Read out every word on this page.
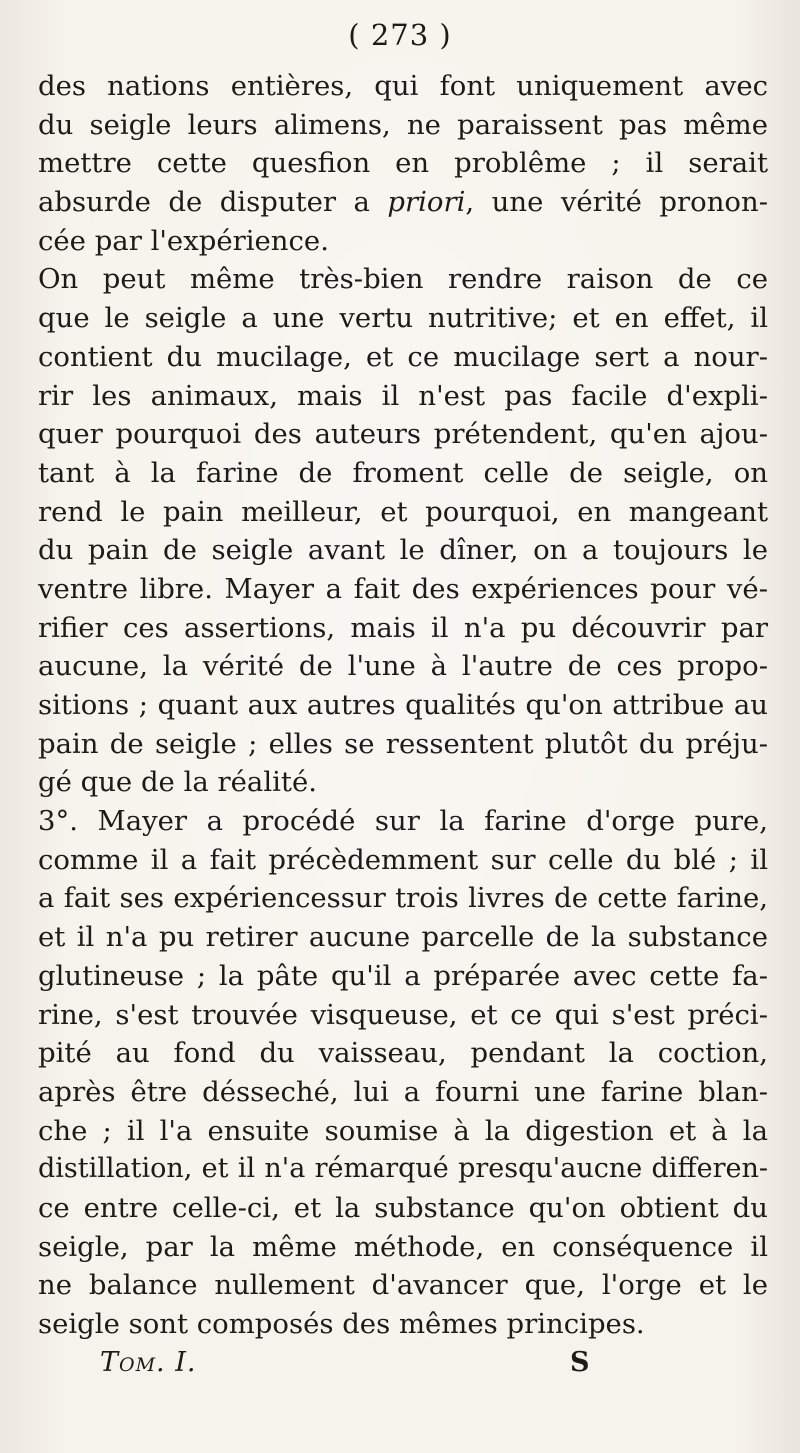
( 273 )
des nations entières, qui font uniquement avec
du seigle leurs alimens, ne paraissent pas même
mettre cette quesfion en problême ; il serait
absurde de disputer a priori, une vérité pronon-
cée par l'expérience.
On peut même très-bien rendre raison de ce
que le seigle a une vertu nutritive; et en effet, il
contient du mucilage, et ce mucilage sert a nour-
rir les animaux, mais il n'est pas facile d'expli-
quer pourquoi des auteurs prétendent, qu'en ajou-
tant à la farine de froment celle de seigle, on
rend le pain meilleur, et pourquoi, en mangeant
du pain de seigle avant le dîner, on a toujours le
ventre libre. Mayer a fait des expériences pour vé-
rifier ces assertions, mais il n'a pu découvrir par
aucune, la vérité de l'une à l'autre de ces propo-
sitions ; quant aux autres qualités qu'on attribue au
pain de seigle ; elles se ressentent plutôt du préju-
gé que de la réalité.
3°. Mayer a procédé sur la farine d'orge pure,
comme il a fait précèdemment sur celle du blé ; il
a fait ses expériencessur trois livres de cette farine,
et il n'a pu retirer aucune parcelle de la substance
glutineuse ; la pâte qu'il a préparée avec cette fa-
rine, s'est trouvée visqueuse, et ce qui s'est préci-
pité au fond du vaisseau, pendant la coction,
après être désseché, lui a fourni une farine blan-
che ; il l'a ensuite soumise à la digestion et à la
distillation, et il n'a rémarqué presqu'aucne differen-
ce entre celle-ci, et la substance qu'on obtient du
seigle, par la même méthode, en conséquence il
ne balance nullement d'avancer que, l'orge et le
seigle sont composés des mêmes principes.
Tom. I.	S
